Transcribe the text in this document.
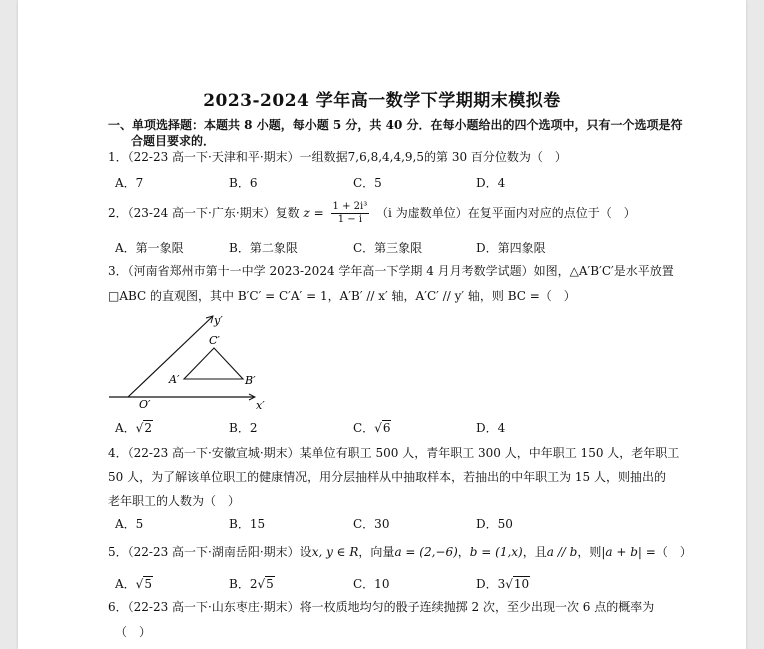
2023-2024 学年高一数学下学期期末模拟卷
一、单项选择题：本题共 8 小题，每小题 5 分，共 40 分．在每小题给出的四个选项中，只有一个选项是符
合题目要求的．
1．（22-23 高一下·天津和平·期末）一组数据7,6,8,4,4,9,5的第 30 百分位数为（　）
A．7	B．6	C．5	D．4
2．（23-24 高一下·广东·期末）复数 $z = \frac{\text{1 + 2i³}}{1 - i} (i$ 为虚数单位）在复平面内对应的点位于（　）
A．第一象限	B．第二象限	C．第三象限	D．第四象限
3．（河南省郑州市第十一中学 2023-2024 学年高一下学期 4 月月考数学试题）如图，△A′B′C′是水平放置
□ABC 的直观图，其中 B′C′ = C′A′ = 1，A′B′ // x′ 轴，A′C′ // y′ 轴，则 BC =（　）
y′
x′
O′
A′	B′
C′
A．√2	B．2	C．√6	D．4
4．（22-23 高一下·安徽宣城·期末）某单位有职工 500 人，青年职工 300 人，中年职工 150 人，老年职工
50 人，为了解该单位职工的健康情况，用分层抽样从中抽取样本，若抽出的中年职工为 15 人，则抽出的
老年职工的人数为（　）
A．5	B．15	C．30	D．50
5．（22-23 高一下·湖南岳阳·期末）设x, y ∈ R，向量a = (2,−6)，b = (1,x)，且a // b，则|a + b| =（　）
A．√5	B．2√5	C．10	D．3√10
6．（22-23 高一下·山东枣庄·期末）将一枚质地均匀的骰子连续抛掷 2 次，至少出现一次 6 点的概率为
（　）
